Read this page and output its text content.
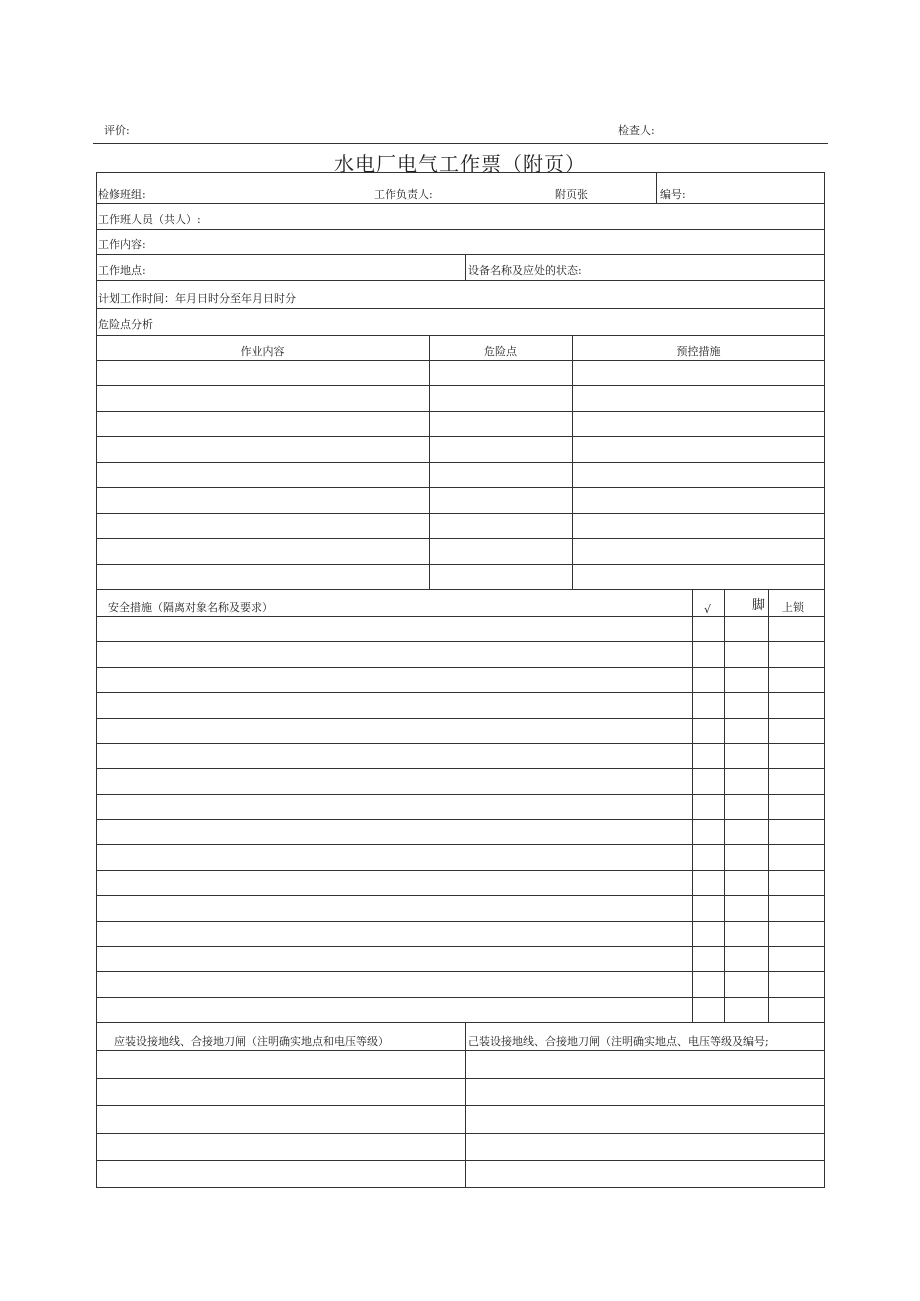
评价:	检查人:
水电厂电气工作票（附页）
检修班组:	工作负责人:	附页张	编号:
工作班人员（共人）:
工作内容:
工作地点:	设备名称及应处的状态:
计划工作时间：年月日时分至年月日时分
危险点分析
作业内容	危险点	预控措施
安全措施（隔离对象名称及要求）	√	脚 上锁
应装设接地线、合接地刀闸（注明确实地点和电压等级）	己装设接地线、合接地刀闸（注明确实地点、电压等级及编号;
